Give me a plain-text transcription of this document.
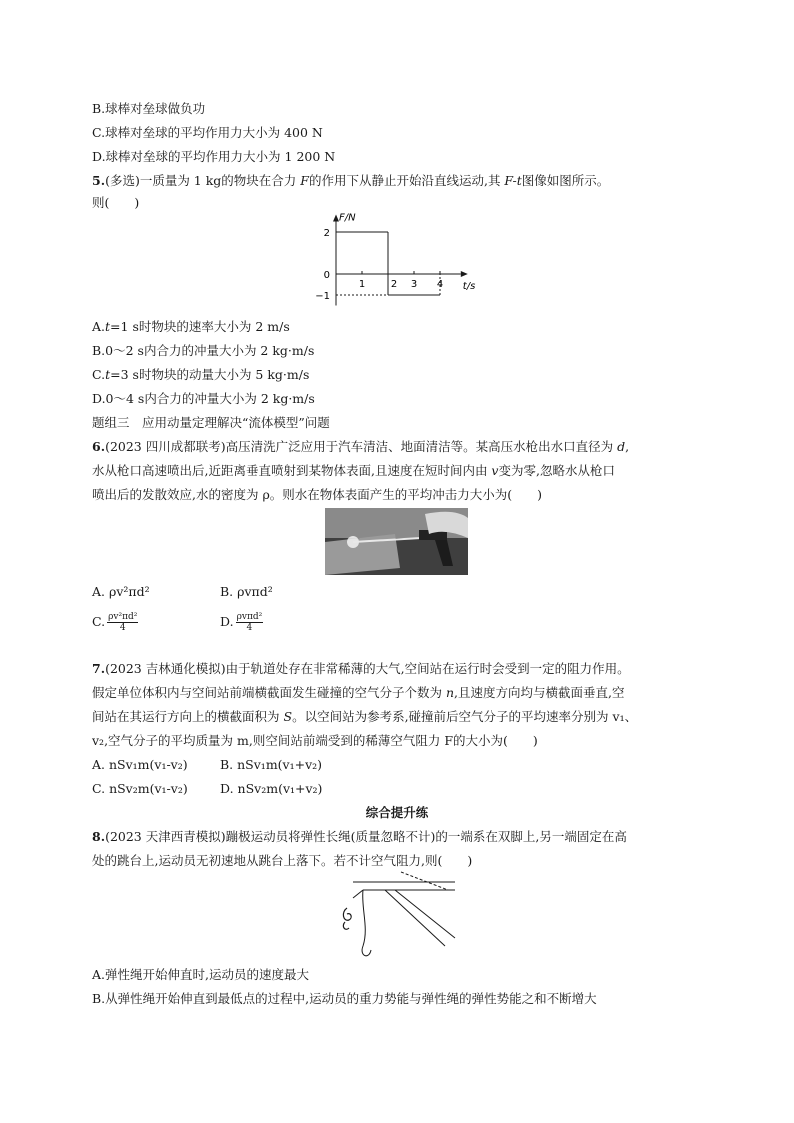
B.球棒对垒球做负功
C.球棒对垒球的平均作用力大小为 400 N
D.球棒对垒球的平均作用力大小为 1 200 N
5.(多选)一质量为 1 kg的物块在合力 F的作用下从静止开始沿直线运动,其 F-t图像如图所示。
则(　　)
1	2 3 4
2
0
−1
F/N
t/s
A.t=1 s时物块的速率大小为 2 m/s
B.0～2 s内合力的冲量大小为 2 kg·m/s
C.t=3 s时物块的动量大小为 5 kg·m/s
D.0～4 s内合力的冲量大小为 2 kg·m/s
题组三　应用动量定理解决“流体模型”问题
6.(2023 四川成都联考)高压清洗广泛应用于汽车清洁、地面清洁等。某高压水枪出水口直径为 d,
水从枪口高速喷出后,近距离垂直喷射到某物体表面,且速度在短时间内由 v变为零,忽略水从枪口
喷出后的发散效应,水的密度为 ρ。则水在物体表面产生的平均冲击力大小为(　　)
A. ρv²πd²	B. ρvπd²
C. $\frac{\text{ρv²πd²}}{4}$	D. $\frac{\text{ρvπd²}}{4}$
7.(2023 吉林通化模拟)由于轨道处存在非常稀薄的大气,空间站在运行时会受到一定的阻力作用。
假定单位体积内与空间站前端横截面发生碰撞的空气分子个数为 n,且速度方向均与横截面垂直,空
间站在其运行方向上的横截面积为 S。以空间站为参考系,碰撞前后空气分子的平均速率分别为 v₁、
v₂,空气分子的平均质量为 m,则空间站前端受到的稀薄空气阻力 F的大小为(　　)
A. nSv₁m(v₁-v₂)	B. nSv₁m(v₁+v₂)
C. nSv₂m(v₁-v₂)	D. nSv₂m(v₁+v₂)
综合提升练
8.(2023 天津西青模拟)蹦极运动员将弹性长绳(质量忽略不计)的一端系在双脚上,另一端固定在高
处的跳台上,运动员无初速地从跳台上落下。若不计空气阻力,则(　　)
A.弹性绳开始伸直时,运动员的速度最大
B.从弹性绳开始伸直到最低点的过程中,运动员的重力势能与弹性绳的弹性势能之和不断增大
